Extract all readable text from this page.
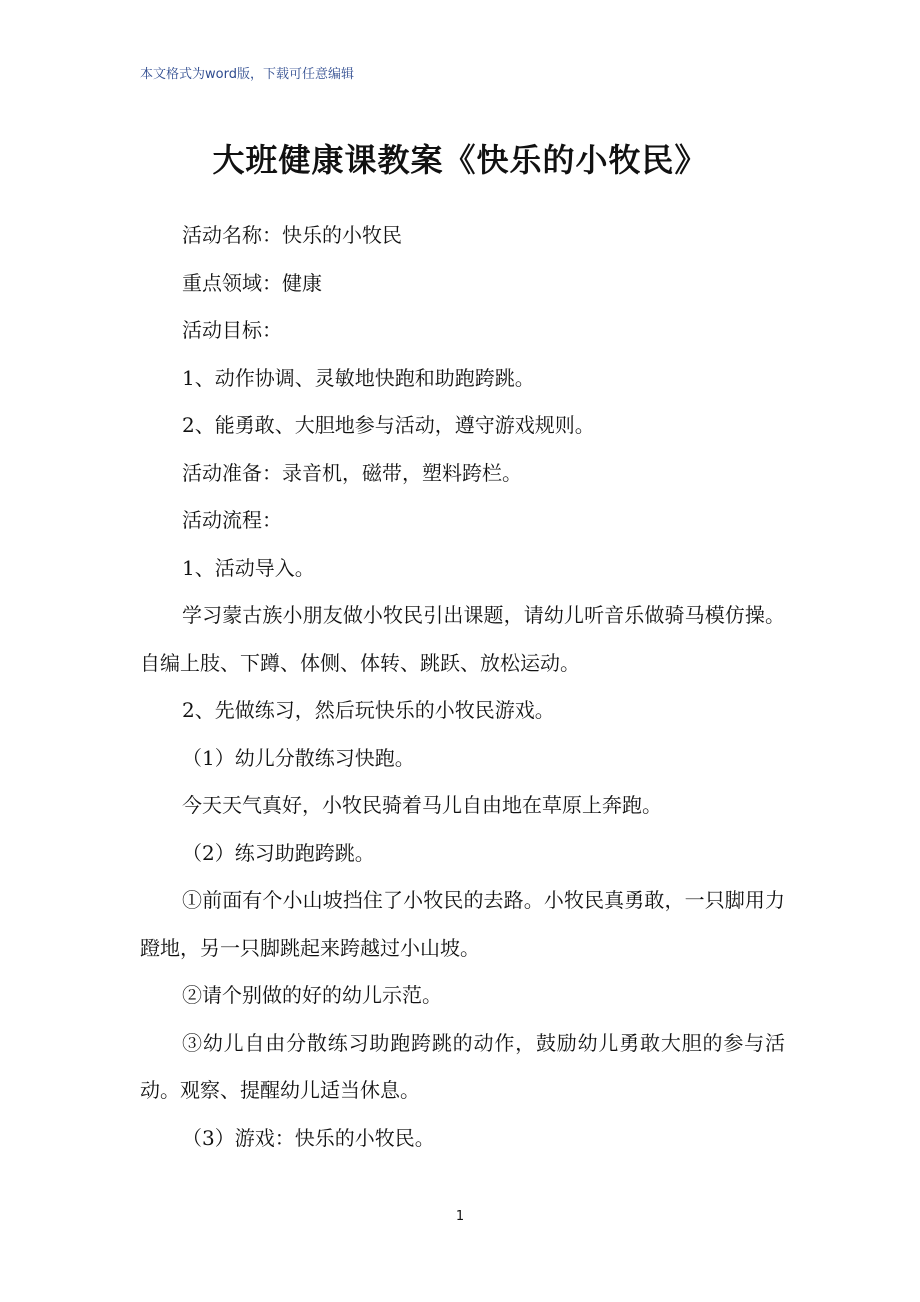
本文格式为word版，下载可任意编辑
大班健康课教案《快乐的小牧民》

活动名称：快乐的小牧民

重点领域：健康

活动目标：

1、动作协调、灵敏地快跑和助跑跨跳。

2、能勇敢、大胆地参与活动，遵守游戏规则。

活动准备：录音机，磁带，塑料跨栏。

活动流程：

1、活动导入。

学习蒙古族小朋友做小牧民引出课题，请幼儿听音乐做骑马模仿操。自编上肢、下蹲、体侧、体转、跳跃、放松运动。

2、先做练习，然后玩快乐的小牧民游戏。

（1）幼儿分散练习快跑。

今天天气真好，小牧民骑着马儿自由地在草原上奔跑。

（2）练习助跑跨跳。

①前面有个小山坡挡住了小牧民的去路。小牧民真勇敢，一只脚用力蹬地，另一只脚跳起来跨越过小山坡。

②请个别做的好的幼儿示范。

③幼儿自由分散练习助跑跨跳的动作，鼓励幼儿勇敢大胆的参与活动。观察、提醒幼儿适当休息。

（3）游戏：快乐的小牧民。

1
